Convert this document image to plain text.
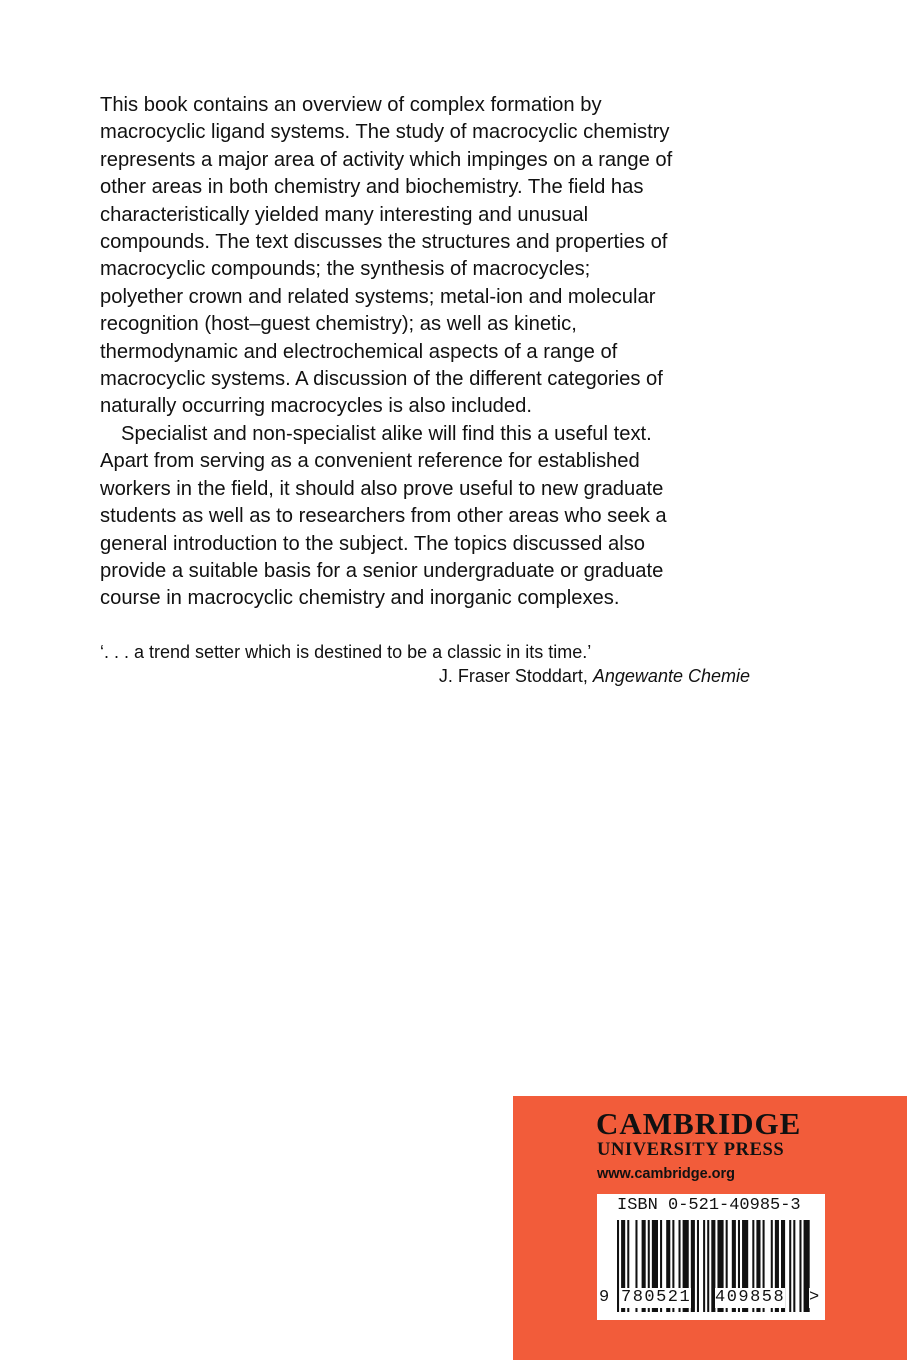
This book contains an overview of complex formation by

macrocyclic ligand systems. The study of macrocyclic chemistry

represents a major area of activity which impinges on a range of

other areas in both chemistry and biochemistry. The field has

characteristically yielded many interesting and unusual

compounds. The text discusses the structures and properties of

macrocyclic compounds; the synthesis of macrocycles;

polyether crown and related systems; metal-ion and molecular

recognition (host–guest chemistry); as well as kinetic,

thermodynamic and electrochemical aspects of a range of

macrocyclic systems. A discussion of the different categories of

naturally occurring macrocycles is also included.

Specialist and non-specialist alike will find this a useful text.

Apart from serving as a convenient reference for established

workers in the field, it should also prove useful to new graduate

students as well as to researchers from other areas who seek a

general introduction to the subject. The topics discussed also

provide a suitable basis for a senior undergraduate or graduate

course in macrocyclic chemistry and inorganic complexes.

‘. . . a trend setter which is destined to be a classic in its time.’
J. Fraser Stoddart, Angewante Chemie
CAMBRIDGE
UNIVERSITY PRESS
www.cambridge.org
ISBN 0-521-40985-3
9 780521 409858 >
